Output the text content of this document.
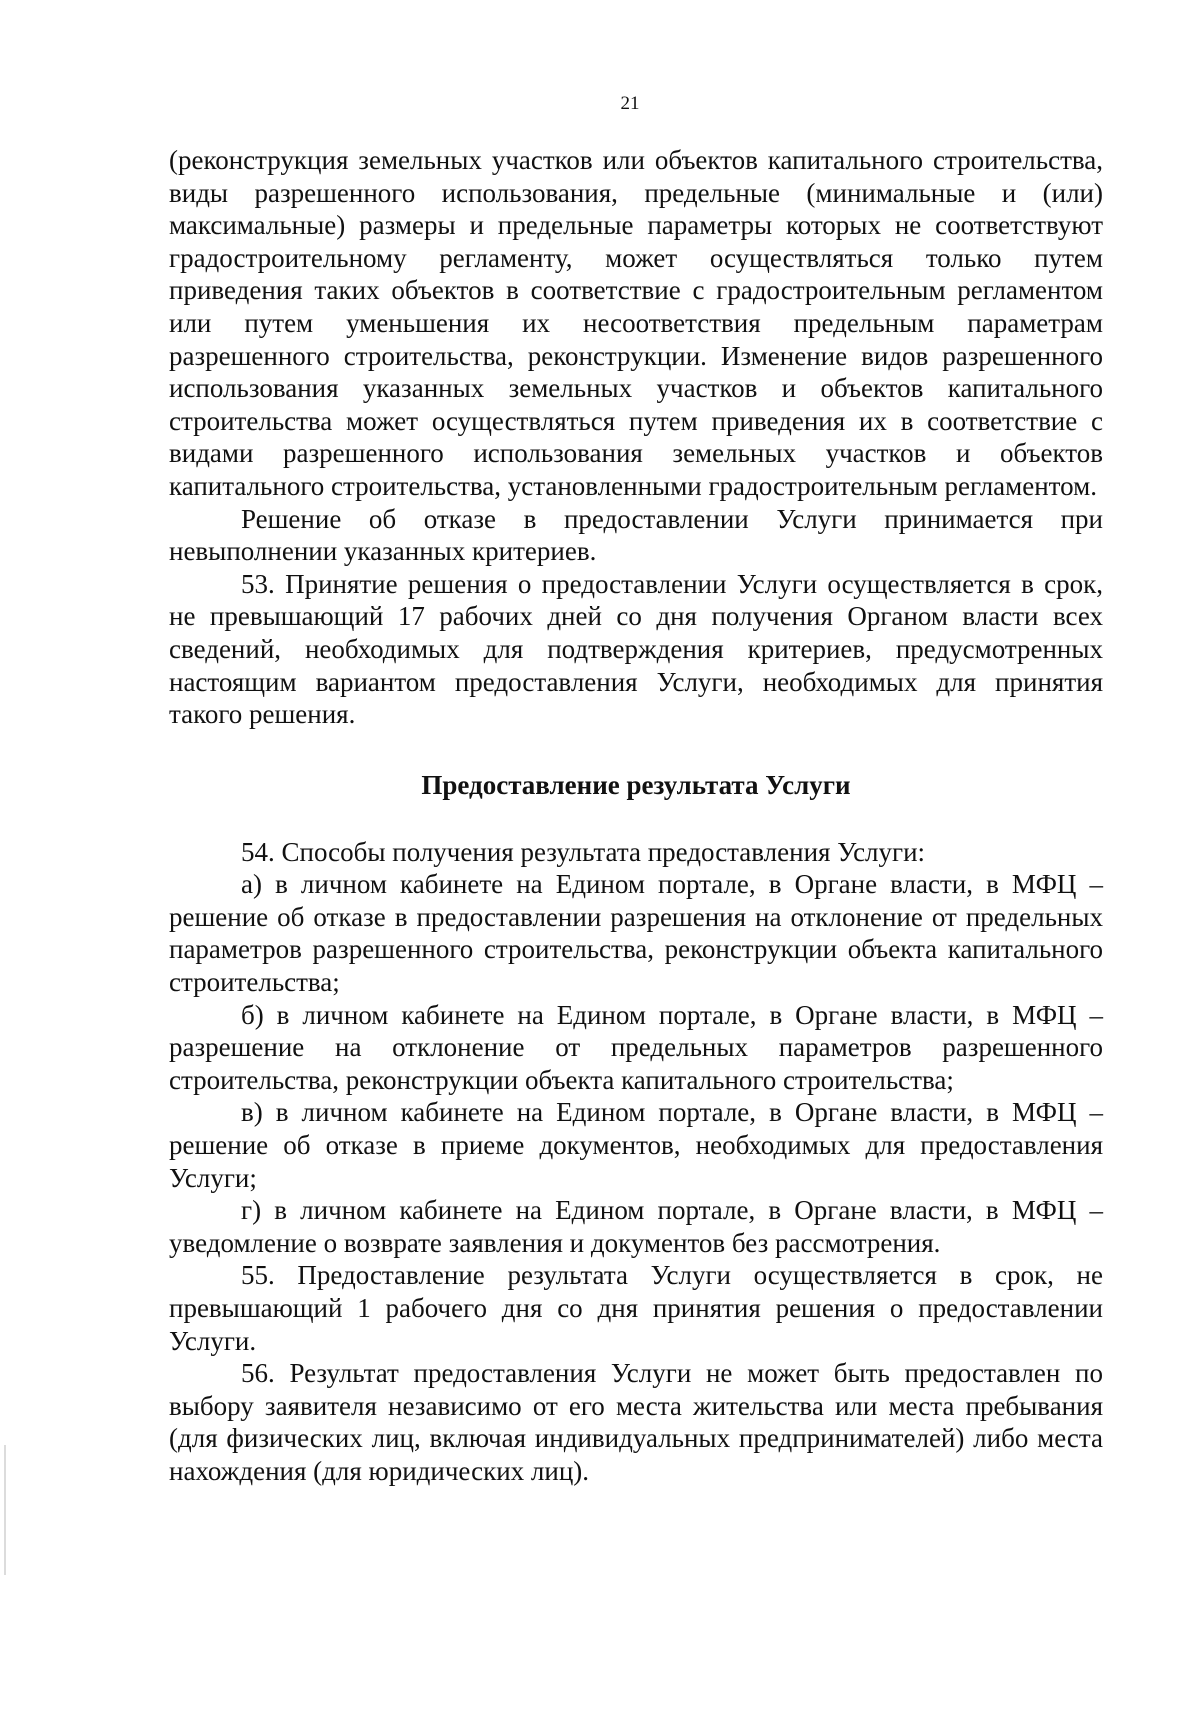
21

(реконструкция земельных участков или объектов капитального строительства, виды разрешенного использования, предельные (минимальные и (или) максимальные) размеры и предельные параметры которых не соответствуют градостроительному регламенту, может осуществляться только путем приведения таких объектов в соответствие с градостроительным регламентом или путем уменьшения их несоответствия предельным параметрам разрешенного строительства, реконструкции. Изменение видов разрешенного использования указанных земельных участков и объектов капитального строительства может осуществляться путем приведения их в соответствие с видами разрешенного использования земельных участков и объектов капитального строительства, установленными градостроительным регламентом.

Решение об отказе в предоставлении Услуги принимается при невыполнении указанных критериев.

53. Принятие решения о предоставлении Услуги осуществляется в срок, не превышающий 17 рабочих дней со дня получения Органом власти всех сведений, необходимых для подтверждения критериев, предусмотренных настоящим вариантом предоставления Услуги, необходимых для принятия такого решения.

Предоставление результата Услуги

54. Способы получения результата предоставления Услуги:

а) в личном кабинете на Едином портале, в Органе власти, в МФЦ – решение об отказе в предоставлении разрешения на отклонение от предельных параметров разрешенного строительства, реконструкции объекта капитального строительства;

б) в личном кабинете на Едином портале, в Органе власти, в МФЦ – разрешение на отклонение от предельных параметров разрешенного строительства, реконструкции объекта капитального строительства;

в) в личном кабинете на Едином портале, в Органе власти, в МФЦ – решение об отказе в приеме документов, необходимых для предоставления Услуги;

г) в личном кабинете на Едином портале, в Органе власти, в МФЦ – уведомление о возврате заявления и документов без рассмотрения.

55. Предоставление результата Услуги осуществляется в срок, не превышающий 1 рабочего дня со дня принятия решения о предоставлении Услуги.

56. Результат предоставления Услуги не может быть предоставлен по выбору заявителя независимо от его места жительства или места пребывания (для физических лиц, включая индивидуальных предпринимателей) либо места нахождения (для юридических лиц).
